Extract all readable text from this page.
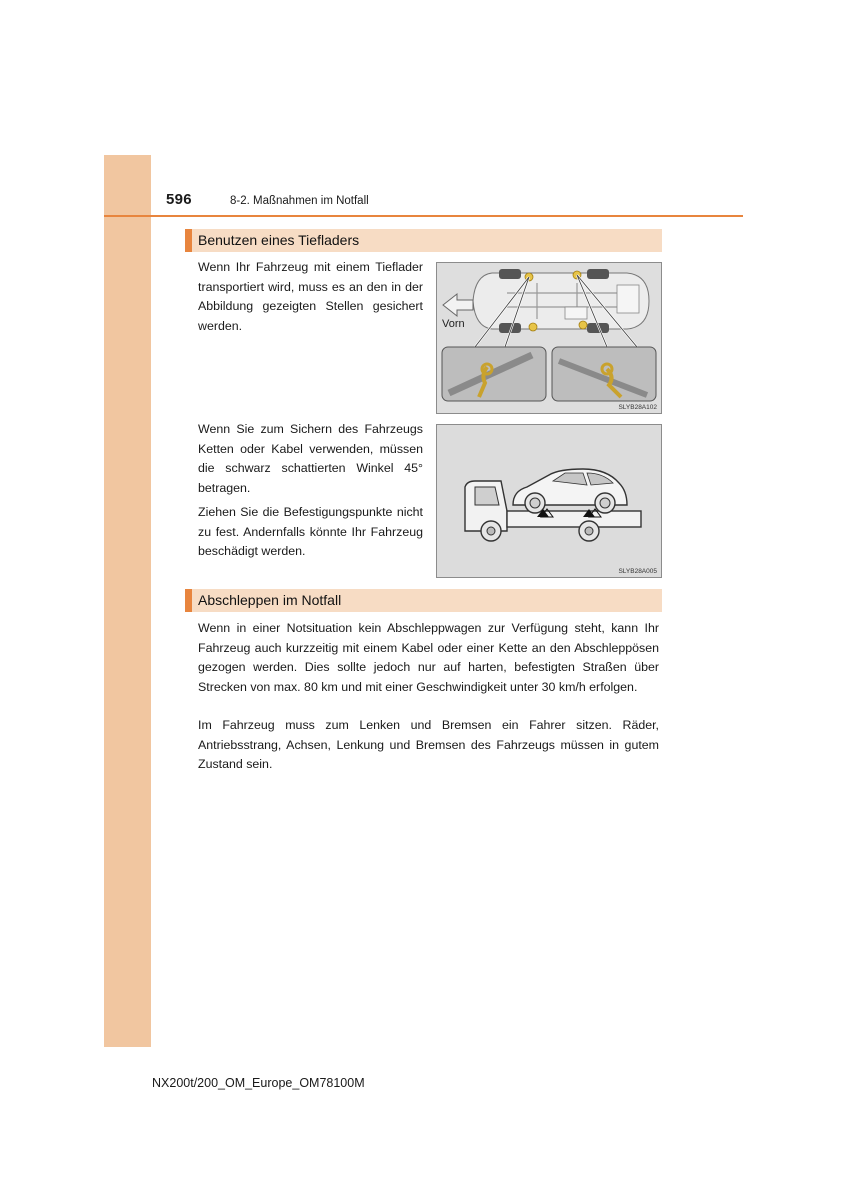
596	8-2. Maßnahmen im Notfall
Benutzen eines Tiefladers

Wenn Ihr Fahrzeug mit einem Tieflader transportiert wird, muss es an den in der Abbildung gezeigten Stellen gesichert werden.	Vorn
SLYB28A102

Wenn Sie zum Sichern des Fahrzeugs Ketten oder Kabel verwenden, müssen die schwarz schattierten Winkel 45° betragen.

Ziehen Sie die Befestigungspunkte nicht zu fest. Andernfalls könnte Ihr Fahrzeug beschädigt werden.

SLYB28A005
Abschleppen im Notfall

Wenn in einer Notsituation kein Abschleppwagen zur Verfügung steht, kann Ihr Fahrzeug auch kurzzeitig mit einem Kabel oder einer Kette an den Abschleppösen gezogen werden. Dies sollte jedoch nur auf harten, befestigten Straßen über Strecken von max. 80 km und mit einer Geschwindigkeit unter 30 km/h erfolgen.

Im Fahrzeug muss zum Lenken und Bremsen ein Fahrer sitzen. Räder, Antriebsstrang, Achsen, Lenkung und Bremsen des Fahrzeugs müssen in gutem Zustand sein.

NX200t/200_OM_Europe_OM78100M
